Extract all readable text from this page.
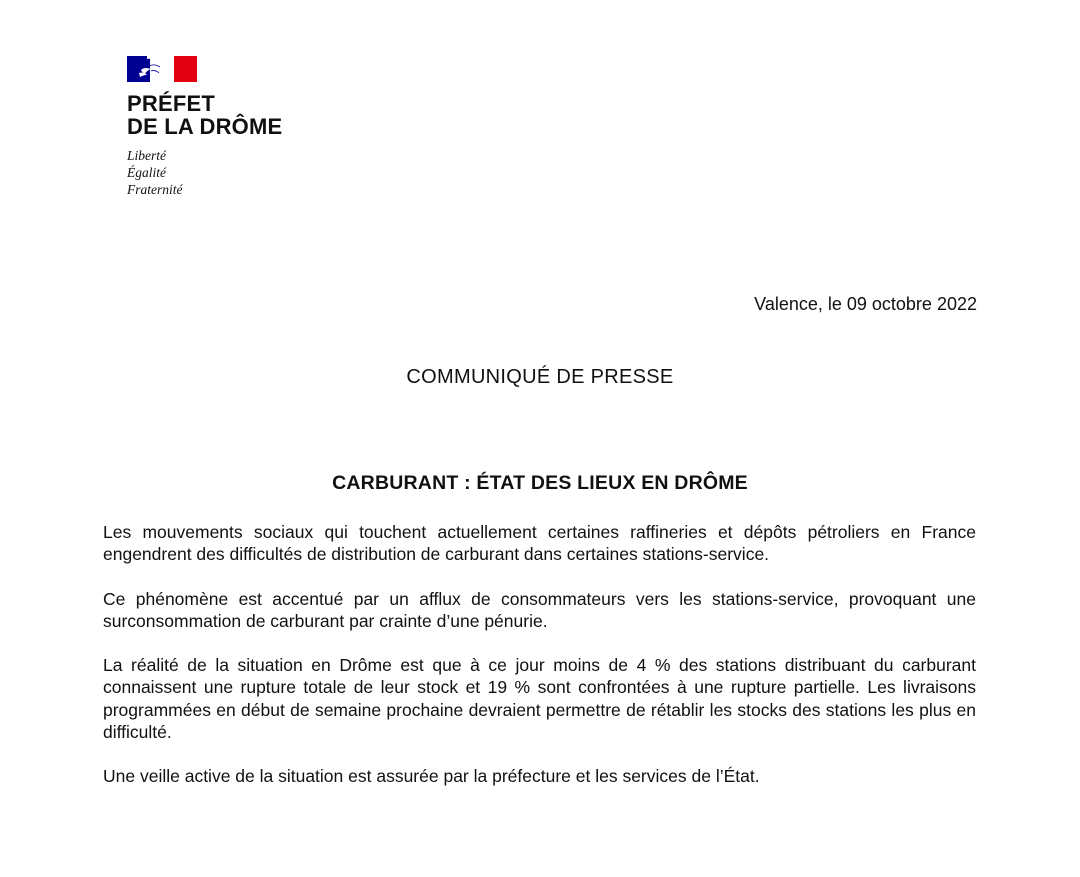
PRÉFET
DE LA DRÔME
Liberté
Égalité
Fraternité
Valence, le 09 octobre 2022
COMMUNIQUÉ DE PRESSE
CARBURANT : ÉTAT DES LIEUX EN DRÔME

Les mouvements sociaux qui touchent actuellement certaines raffineries et dépôts pétroliers en France engendrent des difficultés de distribution de carburant dans certaines stations-service.

Ce phénomène est accentué par un afflux de consommateurs vers les stations-service, provoquant une surconsommation de carburant par crainte d’une pénurie.

La réalité de la situation en Drôme est que à ce jour moins de 4 % des stations distribuant du carburant connaissent une rupture totale de leur stock et 19 % sont confrontées à une rupture partielle. Les livraisons programmées en début de semaine prochaine devraient permettre de rétablir les stocks des stations les plus en difficulté.

Une veille active de la situation est assurée par la préfecture et les services de l’État.
